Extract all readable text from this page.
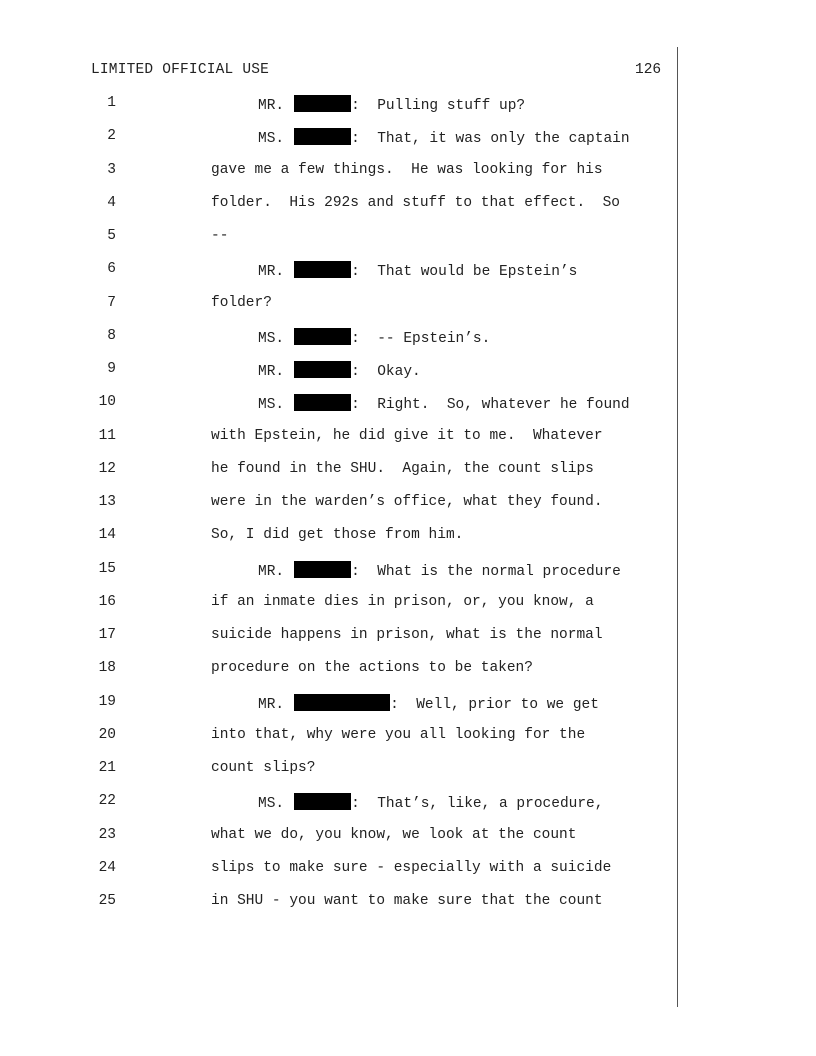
LIMITED OFFICIAL USE	126
1	MR.	:  Pulling stuff up?
2	MS.	:  That, it was only the captain
3	gave me a few things.  He was looking for his
4	folder.  His 292s and stuff to that effect.  So
5	--
6	MR.	:  That would be Epstein’s
7	folder?
8	MS.	:  -- Epstein’s.
9	MR.	:  Okay.
10	MS.	:  Right.  So, whatever he found
11	with Epstein, he did give it to me.  Whatever
12	he found in the SHU.  Again, the count slips
13	were in the warden’s office, what they found.
14	So, I did get those from him.
15	MR.	:  What is the normal procedure
16	if an inmate dies in prison, or, you know, a
17	suicide happens in prison, what is the normal
18	procedure on the actions to be taken?
19	MR.	:  Well, prior to we get
20	into that, why were you all looking for the
21	count slips?
22	MS.	:  That’s, like, a procedure,
23	what we do, you know, we look at the count
24	slips to make sure - especially with a suicide
25	in SHU - you want to make sure that the count
